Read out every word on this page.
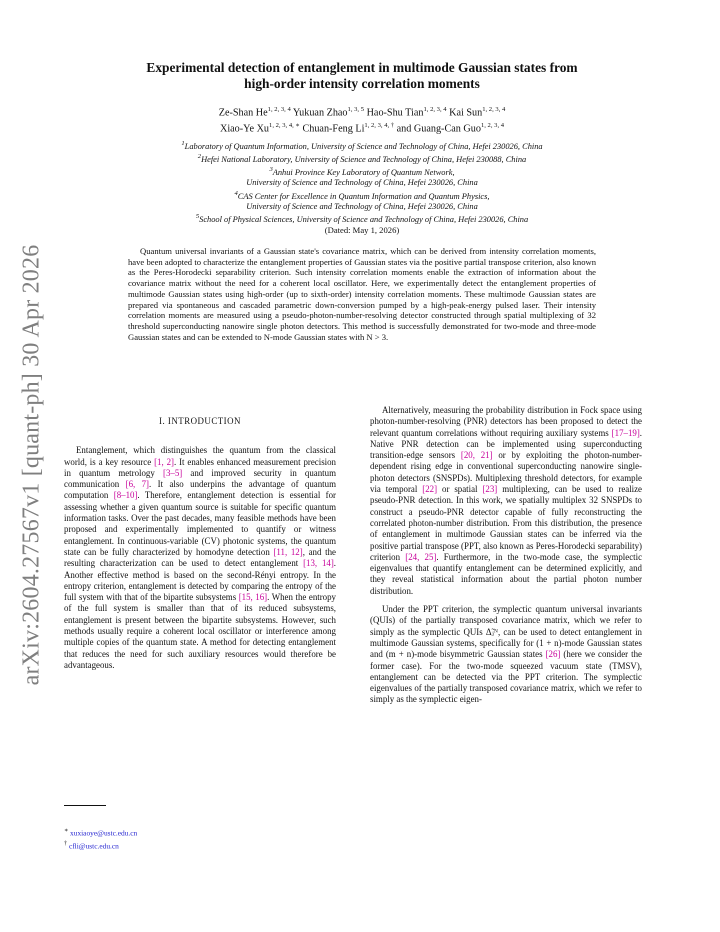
arXiv:2604.27567v1 [quant-ph] 30 Apr 2026
Experimental detection of entanglement in multimode Gaussian states from
high-order intensity correlation moments
Ze-Shan He$^{1, 2, 3, 4}$ Yukuan Zhao$^{1, 3, 5}$ Hao-Shu Tian$^{1, 2, 3, 4}$ Kai Sun$^{1, 2, 3, 4}$
Xiao-Ye $Xu^{1, 2, 3, 4, ∗}$ Chuan-Feng $Li^{1, 2, 3, 4, \dagger}$ and Guang-Can Guo$^{1, 2, 3, 4}$
$^1$Laboratory of Quantum Information, University of Science and Technology of China, Hefei 230026, China
$^2$Hefei National Laboratory, University of Science and Technology of China, Hefei 230088, China
$^3$Anhui Province Key Laboratory of Quantum Network,
University of Science and Technology of China, Hefei 230026, China
$^4$CAS Center for Excellence in Quantum Information and Quantum Physics,
University of Science and Technology of China, Hefei 230026, China
$^5$School of Physical Sciences, University of Science and Technology of China, Hefei 230026, China
(Dated: May 1, 2026)

Quantum universal invariants of a Gaussian state's covariance matrix, which can be derived from intensity correlation moments, have been adopted to characterize the entanglement properties of Gaussian states via the positive partial transpose criterion, also known as the Peres-Horodecki separability criterion. Such intensity correlation moments enable the extraction of information about the covariance matrix without the need for a coherent local oscillator. Here, we experimentally detect the entanglement properties of multimode Gaussian states using high-order (up to sixth-order) intensity correlation moments. These multimode Gaussian states are prepared via spontaneous and cascaded parametric down-conversion pumped by a high-peak-energy pulsed laser. Their intensity correlation moments are measured using a pseudo-photon-number-resolving detector constructed through spatial multiplexing of 32 threshold superconducting nanowire single photon detectors. This method is successfully demonstrated for two-mode and three-mode Gaussian states and can be extended to N-mode Gaussian states with N > 3.

I. INTRODUCTION

Entanglement, which distinguishes the quantum from the classical world, is a key resource [1, 2]. It enables enhanced measurement precision in quantum metrology [3–5] and improved security in quantum communication [6, 7]. It also underpins the advantage of quantum computation [8–10]. Therefore, entanglement detection is essential for assessing whether a given quantum source is suitable for specific quantum information tasks. Over the past decades, many feasible methods have been proposed and experimentally implemented to quantify or witness entanglement. In continuous-variable (CV) photonic systems, the quantum state can be fully characterized by homodyne detection [11, 12], and the resulting characterization can be used to detect entanglement [13, 14]. Another effective method is based on the second-Rényi entropy. In the entropy criterion, entanglement is detected by comparing the entropy of the full system with that of the bipartite subsystems [15, 16]. When the entropy of the full system is smaller than that of its reduced subsystems, entanglement is present between the bipartite subsystems. However, such methods usually require a coherent local oscillator or interference among multiple copies of the quantum state. A method for detecting entanglement that reduces the need for such auxiliary resources would therefore be advantageous.

Alternatively, measuring the probability distribution in Fock space using photon-number-resolving (PNR) detectors has been proposed to detect the relevant quantum correlations without requiring auxiliary systems [17–19]. Native PNR detection can be implemented using superconducting transition-edge sensors [20, 21] or by exploiting the photon-number-dependent rising edge in conventional superconducting nanowire single-photon detectors (SNSPDs). Multiplexing threshold detectors, for example via temporal [22] or spatial [23] multiplexing, can be used to realize pseudo-PNR detection. In this work, we spatially multiplex 32 SNSPDs to construct a pseudo-PNR detector capable of fully reconstructing the correlated photon-number distribution. From this distribution, the presence of entanglement in multimode Gaussian states can be inferred via the positive partial transpose (PPT, also known as Peres-Horodecki separability) criterion [24, 25]. Furthermore, in the two-mode case, the symplectic eigenvalues that quantify entanglement can be determined explicitly, and they reveal statistical information about the partial photon number distribution.

Under the PPT criterion, the symplectic quantum universal invariants (QUIs) of the partially transposed covariance matrix, which we refer to simply as the symplectic QUIs Δ̃ⱼᴺ, can be used to detect entanglement in multimode Gaussian systems, specifically for (1 + n)-mode Gaussian states and (m + n)-mode bisymmetric Gaussian states [26] (here we consider the former case). For the two-mode squeezed vacuum state (TMSV), entanglement can be detected via the PPT criterion. The symplectic eigenvalues of the partially transposed covariance matrix, which we refer to simply as the symplectic eigen-

∗ xuxiaoye@ustc.edu.cn
† cfli@ustc.edu.cn
